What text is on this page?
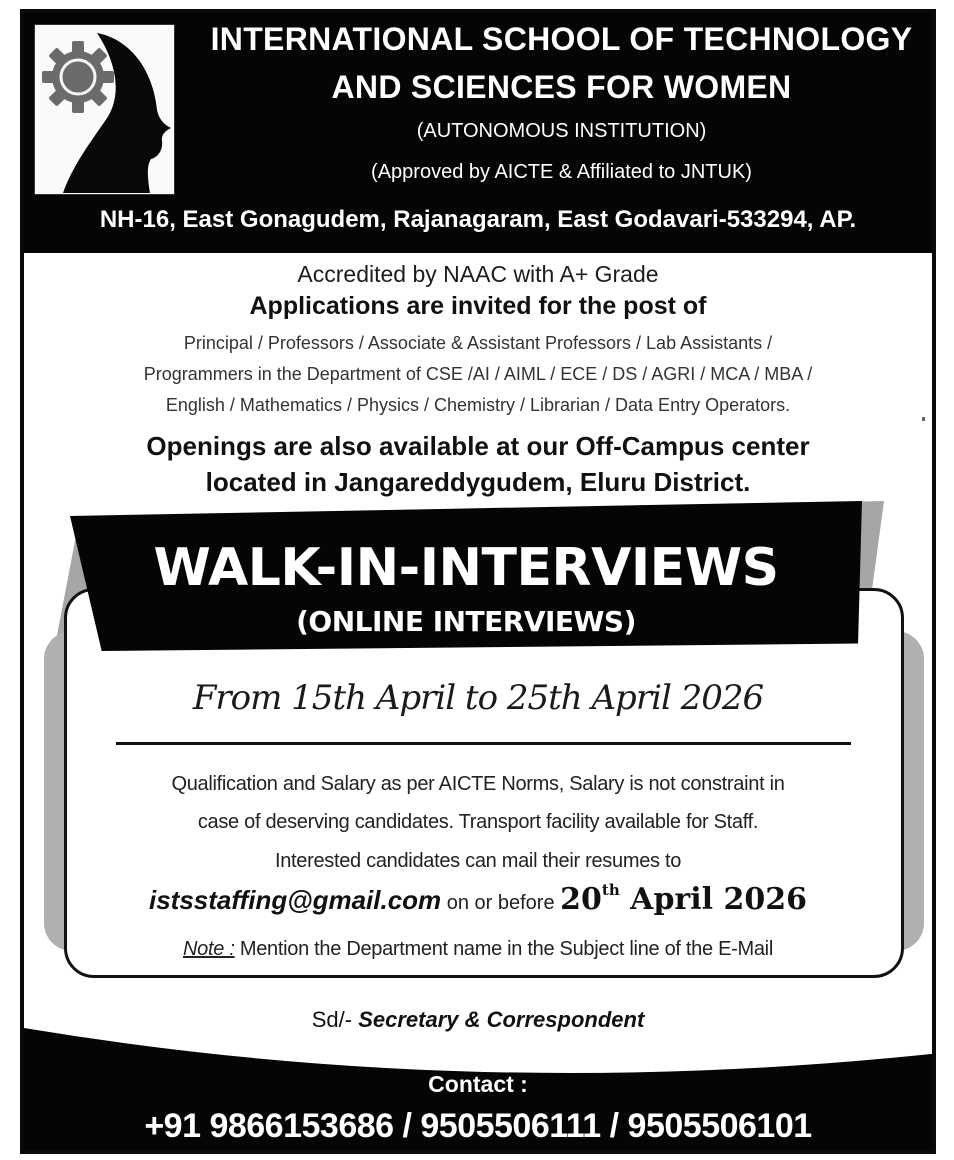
INTERNATIONAL SCHOOL OF TECHNOLOGY
AND SCIENCES FOR WOMEN
(AUTONOMOUS INSTITUTION)
(Approved by AICTE & Affiliated to JNTUK)
NH-16, East Gonagudem, Rajanagaram, East Godavari-533294, AP.
Accredited by NAAC with A+ Grade
Applications are invited for the post of
Principal / Professors / Associate & Assistant Professors / Lab Assistants /
Programmers in the Department of CSE /AI / AIML / ECE / DS / AGRI / MCA / MBA /
English / Mathematics / Physics / Chemistry / Librarian / Data Entry Operators.
Openings are also available at our Off-Campus center
located in Jangareddygudem, Eluru District.
WALK-IN-INTERVIEWS
(ONLINE INTERVIEWS)
From 15th April to 25th April 2026
Qualification and Salary as per AICTE Norms, Salary is not constraint in
case of deserving candidates. Transport facility available for Staff.
Interested candidates can mail their resumes to
istsstaffing@gmail.com on or before 20th April 2026
Note : Mention the Department name in the Subject line of the E-Mail
Sd/- Secretary & Correspondent
Contact :
+91 9866153686 / 9505506111 / 9505506101
